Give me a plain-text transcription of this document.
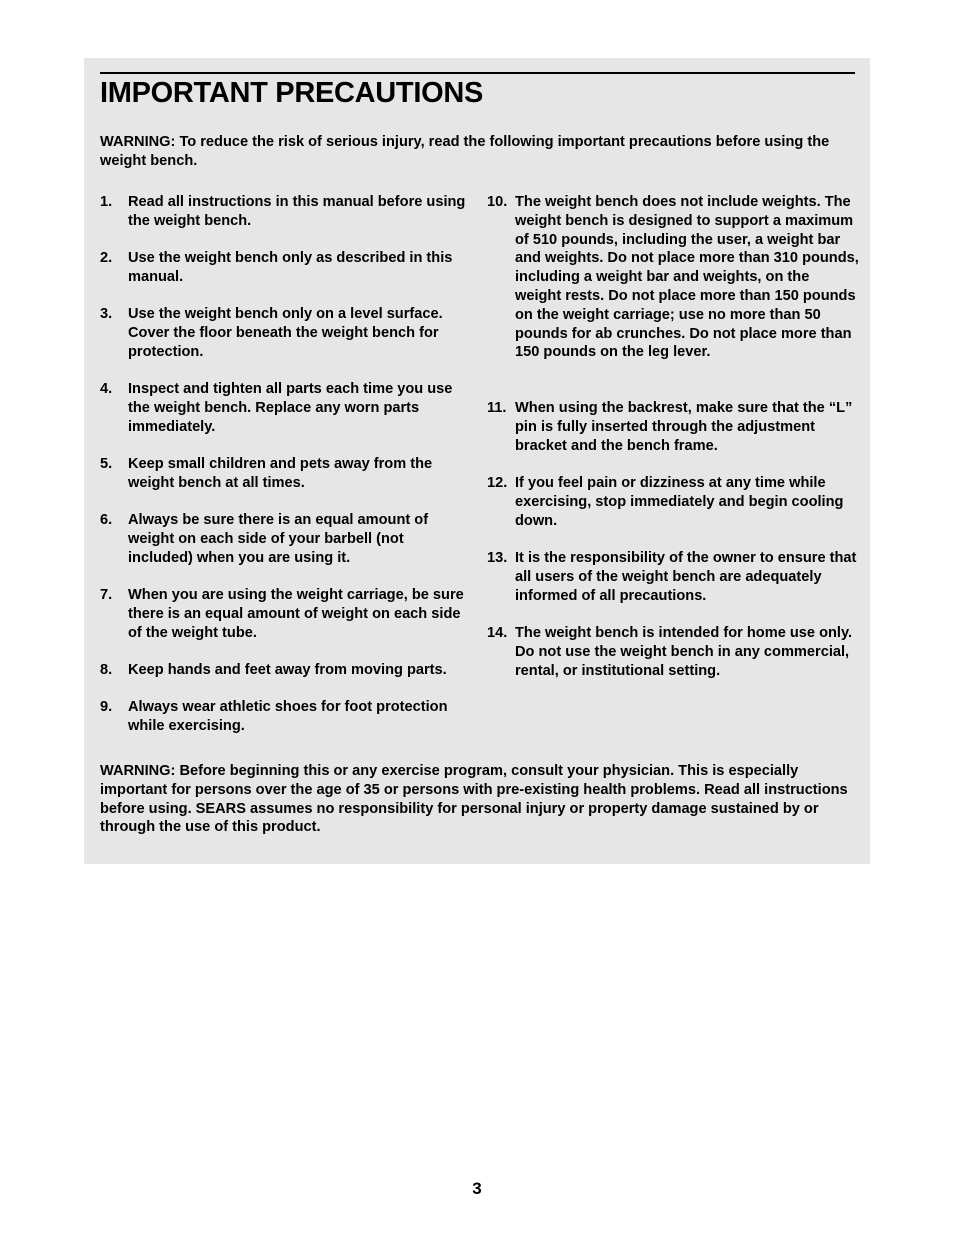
IMPORTANT PRECAUTIONS

WARNING: To reduce the risk of serious injury, read the following important precautions before using the weight bench.

1. Read all instructions in this manual before using the weight bench.
2. Use the weight bench only as described in this manual.
3. Use the weight bench only on a level surface. Cover the floor beneath the weight bench for protection.
4. Inspect and tighten all parts each time you use the weight bench. Replace any worn parts immediately.
5. Keep small children and pets away from the weight bench at all times.
6. Always be sure there is an equal amount of weight on each side of your barbell (not included) when you are using it.
7. When you are using the weight carriage, be sure there is an equal amount of weight on each side of the weight tube.
8. Keep hands and feet away from moving parts.
9. Always wear athletic shoes for foot protection while exercising.
10. The weight bench does not include weights. The weight bench is designed to support a maximum of 510 pounds, including the user, a weight bar and weights. Do not place more than 310 pounds, including a weight bar and weights, on the weight rests. Do not place more than 150 pounds on the weight carriage; use no more than 50 pounds for ab crunches. Do not place more than 150 pounds on the leg lever.
11. When using the backrest, make sure that the “L” pin is fully inserted through the adjustment bracket and the bench frame.
12. If you feel pain or dizziness at any time while exercising, stop immediately and begin cooling down.
13. It is the responsibility of the owner to ensure that all users of the weight bench are adequately informed of all precautions.
14. The weight bench is intended for home use only. Do not use the weight bench in any commercial, rental, or institutional setting.

WARNING: Before beginning this or any exercise program, consult your physician. This is especially important for persons over the age of 35 or persons with pre-existing health problems. Read all instructions before using. SEARS assumes no responsibility for personal injury or property damage sustained by or through the use of this product.

3
